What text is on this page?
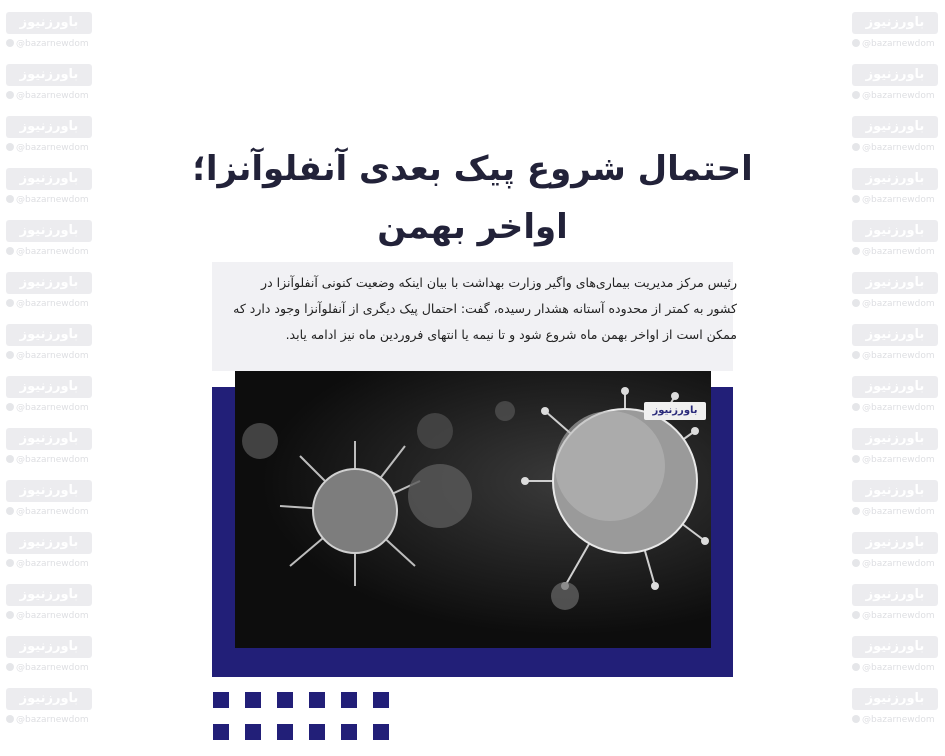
باورزنیوز
@bazarnewdom
باورزنیوز
@bazarnewdom
باورزنیوز
@bazarnewdom
باورزنیوز
@bazarnewdom
باورزنیوز
@bazarnewdom
باورزنیوز
@bazarnewdom
باورزنیوز
@bazarnewdom
باورزنیوز
@bazarnewdom
باورزنیوز
@bazarnewdom
باورزنیوز
@bazarnewdom
باورزنیوز
@bazarnewdom
باورزنیوز
@bazarnewdom
باورزنیوز
@bazarnewdom
باورزنیوز
@bazarnewdom
باورزنیوز
@bazarnewdom
باورزنیوز
@bazarnewdom
باورزنیوز
@bazarnewdom
باورزنیوز
@bazarnewdom
باورزنیوز
@bazarnewdom
باورزنیوز
@bazarnewdom
باورزنیوز
@bazarnewdom
باورزنیوز
@bazarnewdom
باورزنیوز
@bazarnewdom
باورزنیوز
@bazarnewdom
باورزنیوز
@bazarnewdom
باورزنیوز
@bazarnewdom
باورزنیوز
@bazarnewdom
باورزنیوز
@bazarnewdom
احتمال شروع پیک بعدی آنفلوآنزا؛
اواخر بهمن

رئیس مرکز مدیریت بیماری‌های واگیر وزارت بهداشت با بیان اینکه وضعیت کنونی آنفلوآنزا در کشور به کمتر از محدوده آستانه هشدار رسیده، گفت: احتمال پیک دیگری از آنفلوآنزا وجود دارد که ممکن است از اواخر بهمن ماه شروع شود و تا نیمه یا انتهای فروردین ماه نیز ادامه یابد.

باورزنیوز
